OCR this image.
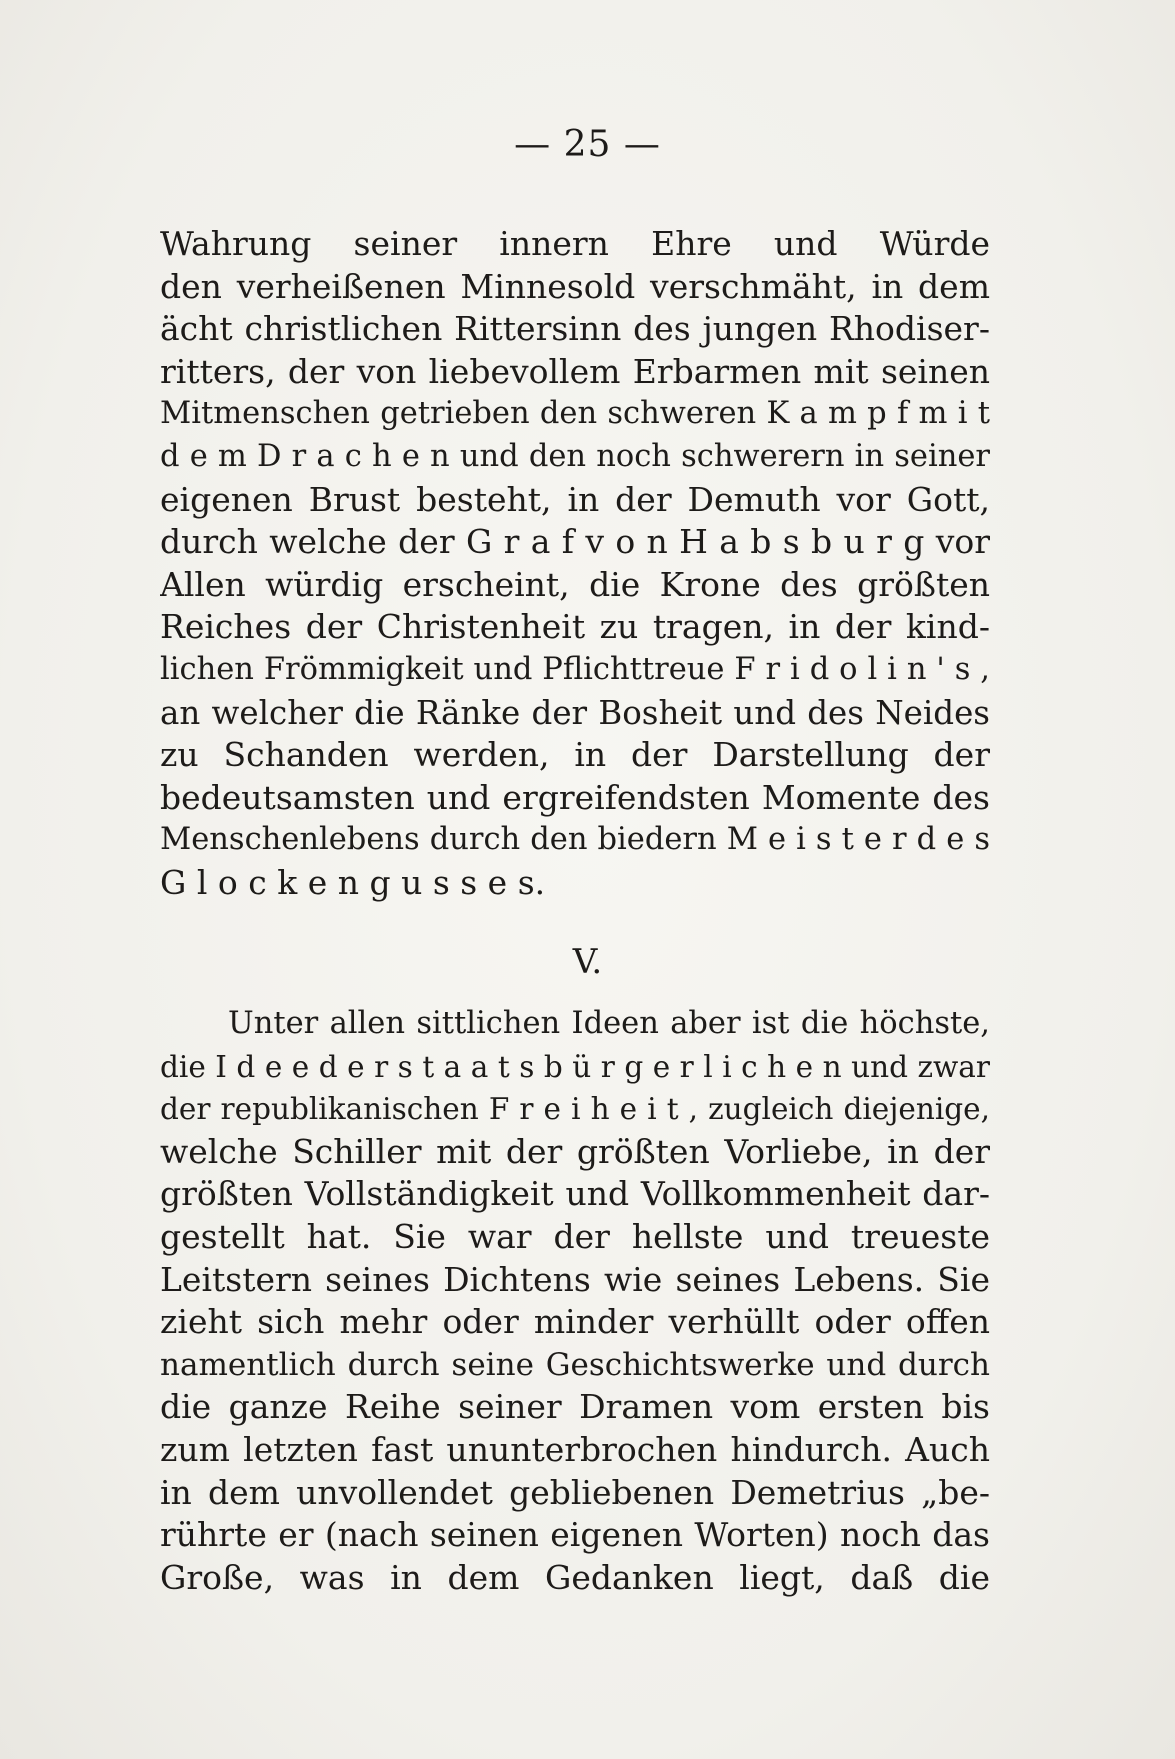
— 25 —
Wahrung seiner innern Ehre und Würde
den verheißenen Minnesold verschmäht, in dem
ächt christlichen Rittersinn des jungen Rhodiser-
ritters, der von liebevollem Erbarmen mit seinen
Mitmenschen getrieben den schweren K a m p f m i t
d e m D r a c h e n und den noch schwerern in seiner
eigenen Brust besteht, in der Demuth vor Gott,
durch welche der G r a f v o n H a b s b u r g vor
Allen würdig erscheint, die Krone des größten
Reiches der Christenheit zu tragen, in der kind-
lichen Frömmigkeit und Pflichttreue F r i d o l i n ' s ,
an welcher die Ränke der Bosheit und des Neides
zu Schanden werden, in der Darstellung der
bedeutsamsten und ergreifendsten Momente des
Menschenlebens durch den biedern M e i s t e r d e s
G l o c k e n g u s s e s.
V.
Unter allen sittlichen Ideen aber ist die höchste,
die I d e e d e r s t a a t s b ü r g e r l i c h e n und zwar
der republikanischen F r e i h e i t , zugleich diejenige,
welche Schiller mit der größten Vorliebe, in der
größten Vollständigkeit und Vollkommenheit dar-
gestellt hat. Sie war der hellste und treueste
Leitstern seines Dichtens wie seines Lebens. Sie
zieht sich mehr oder minder verhüllt oder offen
namentlich durch seine Geschichtswerke und durch
die ganze Reihe seiner Dramen vom ersten bis
zum letzten fast ununterbrochen hindurch. Auch
in dem unvollendet gebliebenen Demetrius „be-
rührte er (nach seinen eigenen Worten) noch das
Große, was in dem Gedanken liegt, daß die
